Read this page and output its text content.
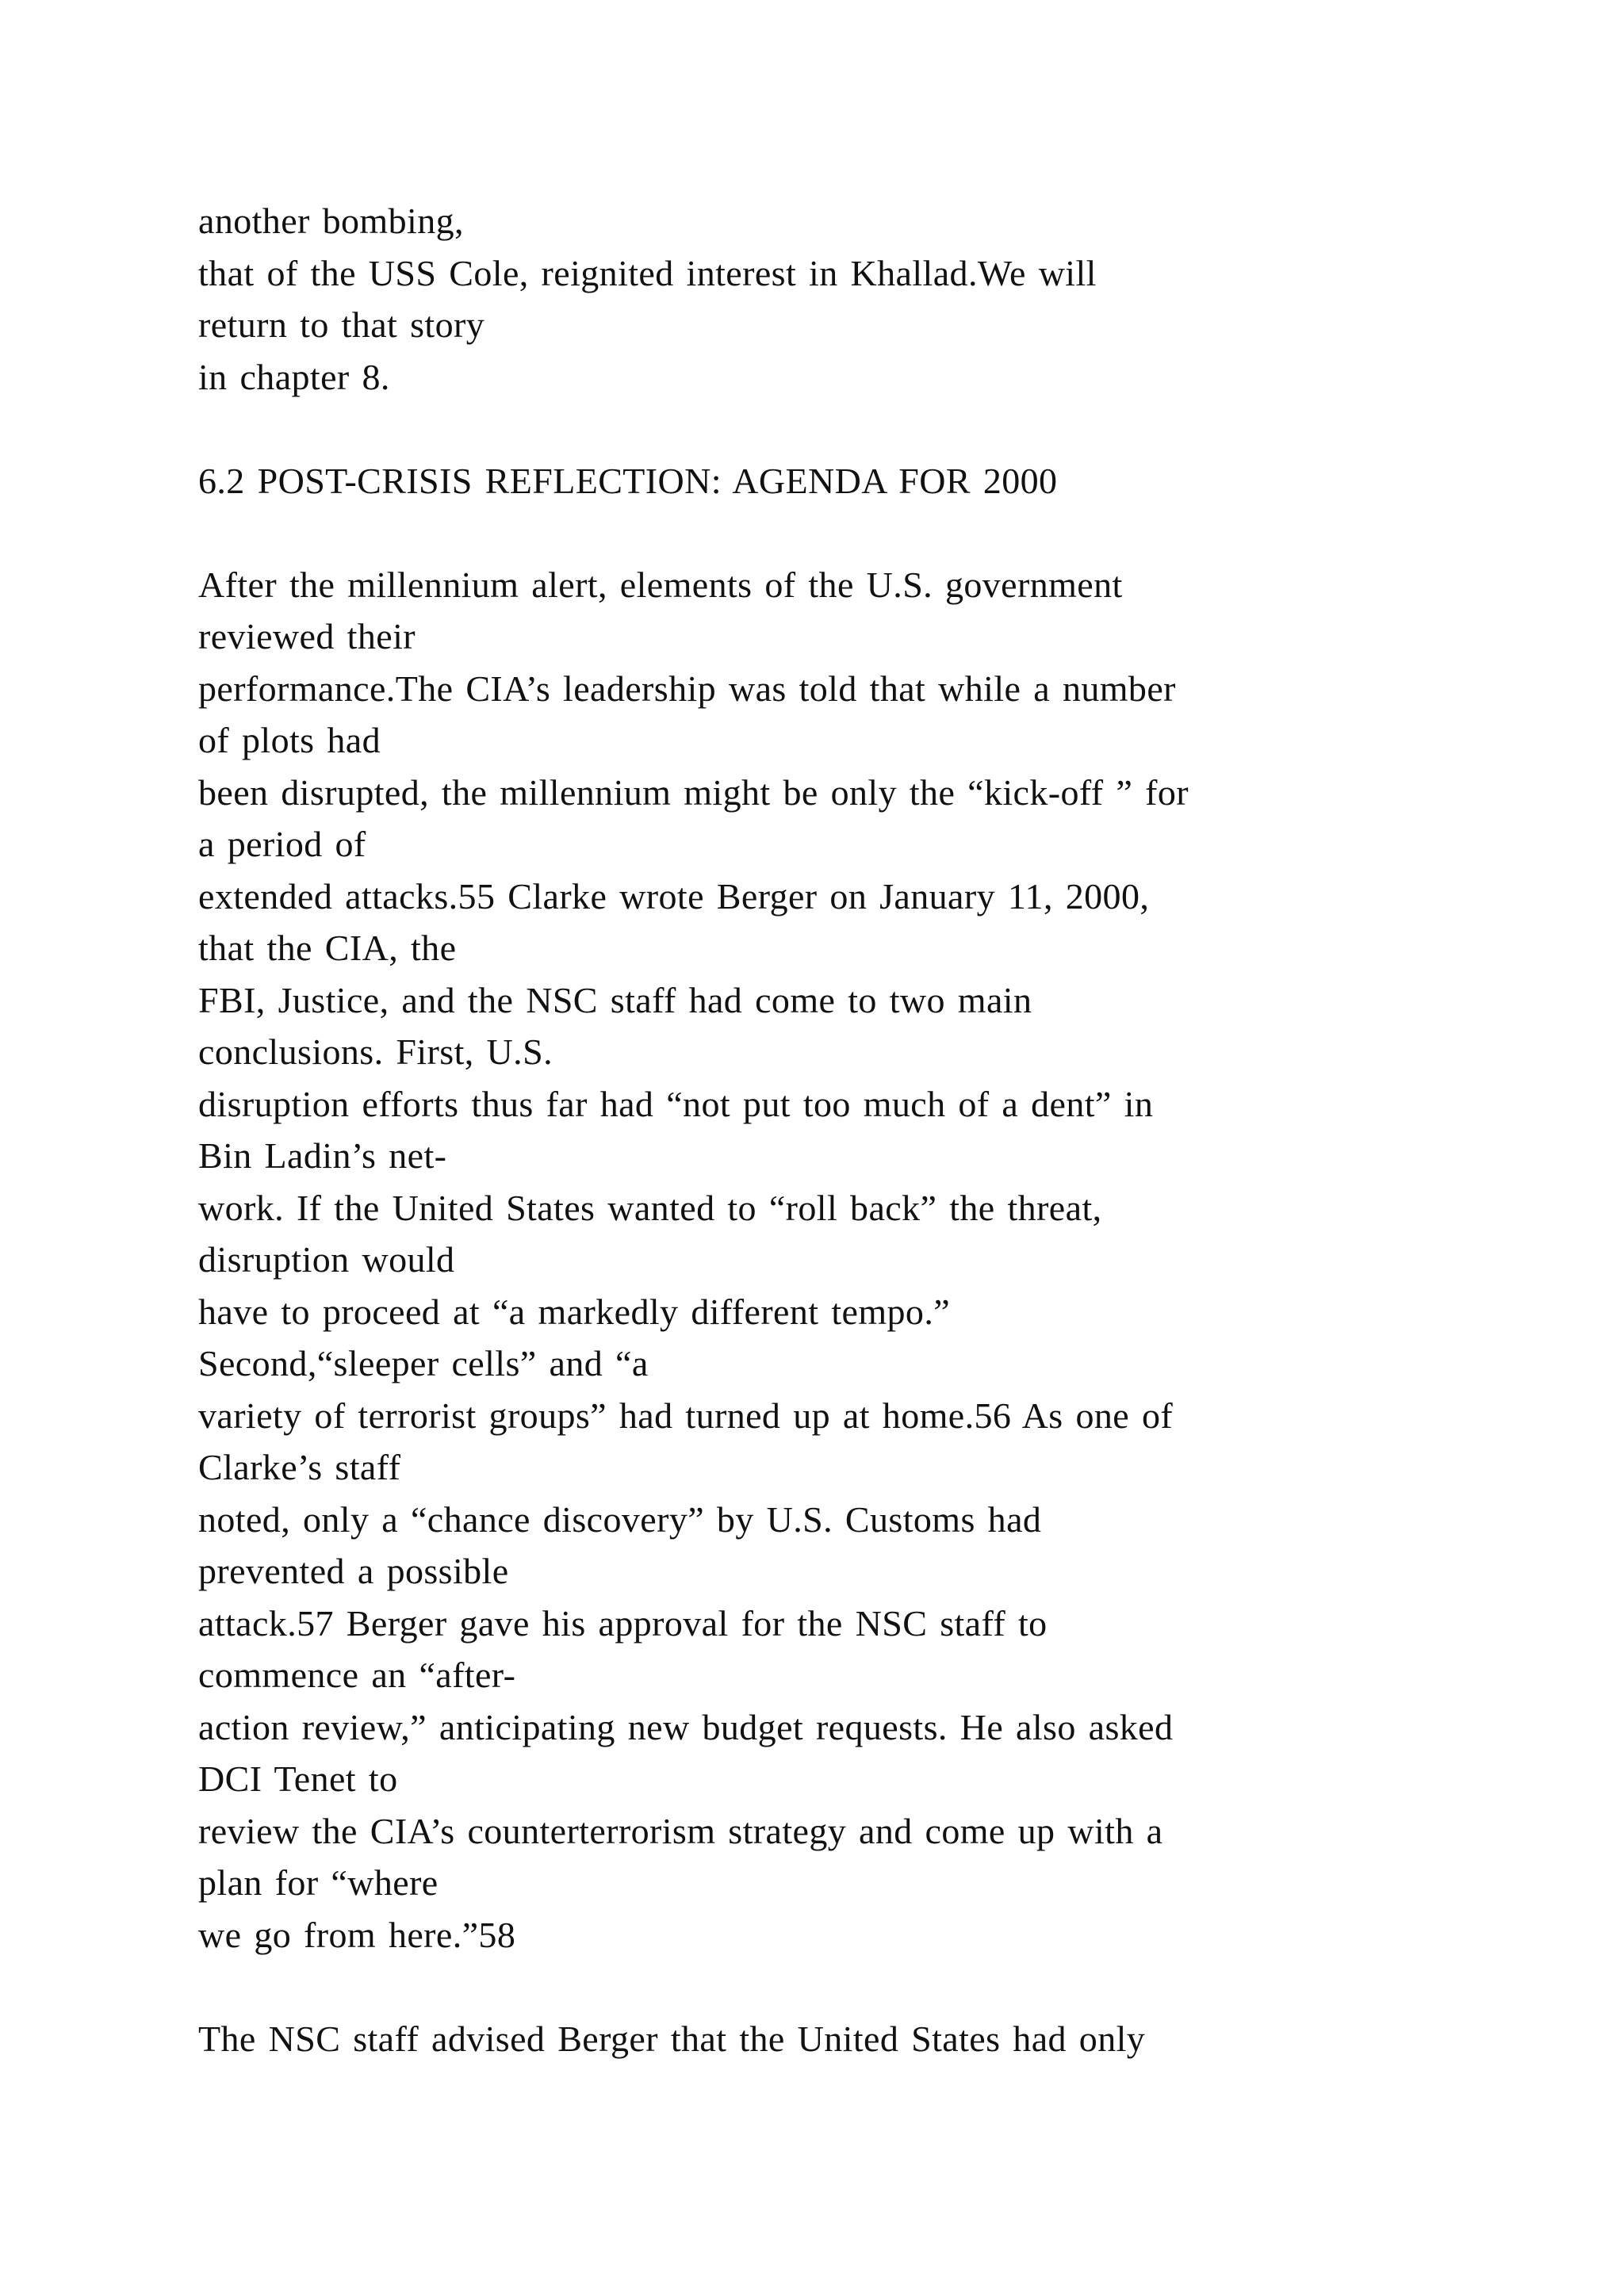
another bombing,
that of the USS Cole, reignited interest in Khallad.We will
return to that story
in chapter 8.
6.2 POST-CRISIS REFLECTION: AGENDA FOR 2000
After the millennium alert, elements of the U.S. government
reviewed their
performance.The CIA’s leadership was told that while a number
of plots had
been disrupted, the millennium might be only the “kick-off ” for
a period of
extended attacks.55 Clarke wrote Berger on January 11, 2000,
that the CIA, the
FBI, Justice, and the NSC staff had come to two main
conclusions. First, U.S.
disruption efforts thus far had “not put too much of a dent” in
Bin Ladin’s net-
work. If the United States wanted to “roll back” the threat,
disruption would
have to proceed at “a markedly different tempo.”
Second,“sleeper cells” and “a
variety of terrorist groups” had turned up at home.56 As one of
Clarke’s staff
noted, only a “chance discovery” by U.S. Customs had
prevented a possible
attack.57 Berger gave his approval for the NSC staff to
commence an “after-
action review,” anticipating new budget requests. He also asked
DCI Tenet to
review the CIA’s counterterrorism strategy and come up with a
plan for “where
we go from here.”58
The NSC staff advised Berger that the United States had only
